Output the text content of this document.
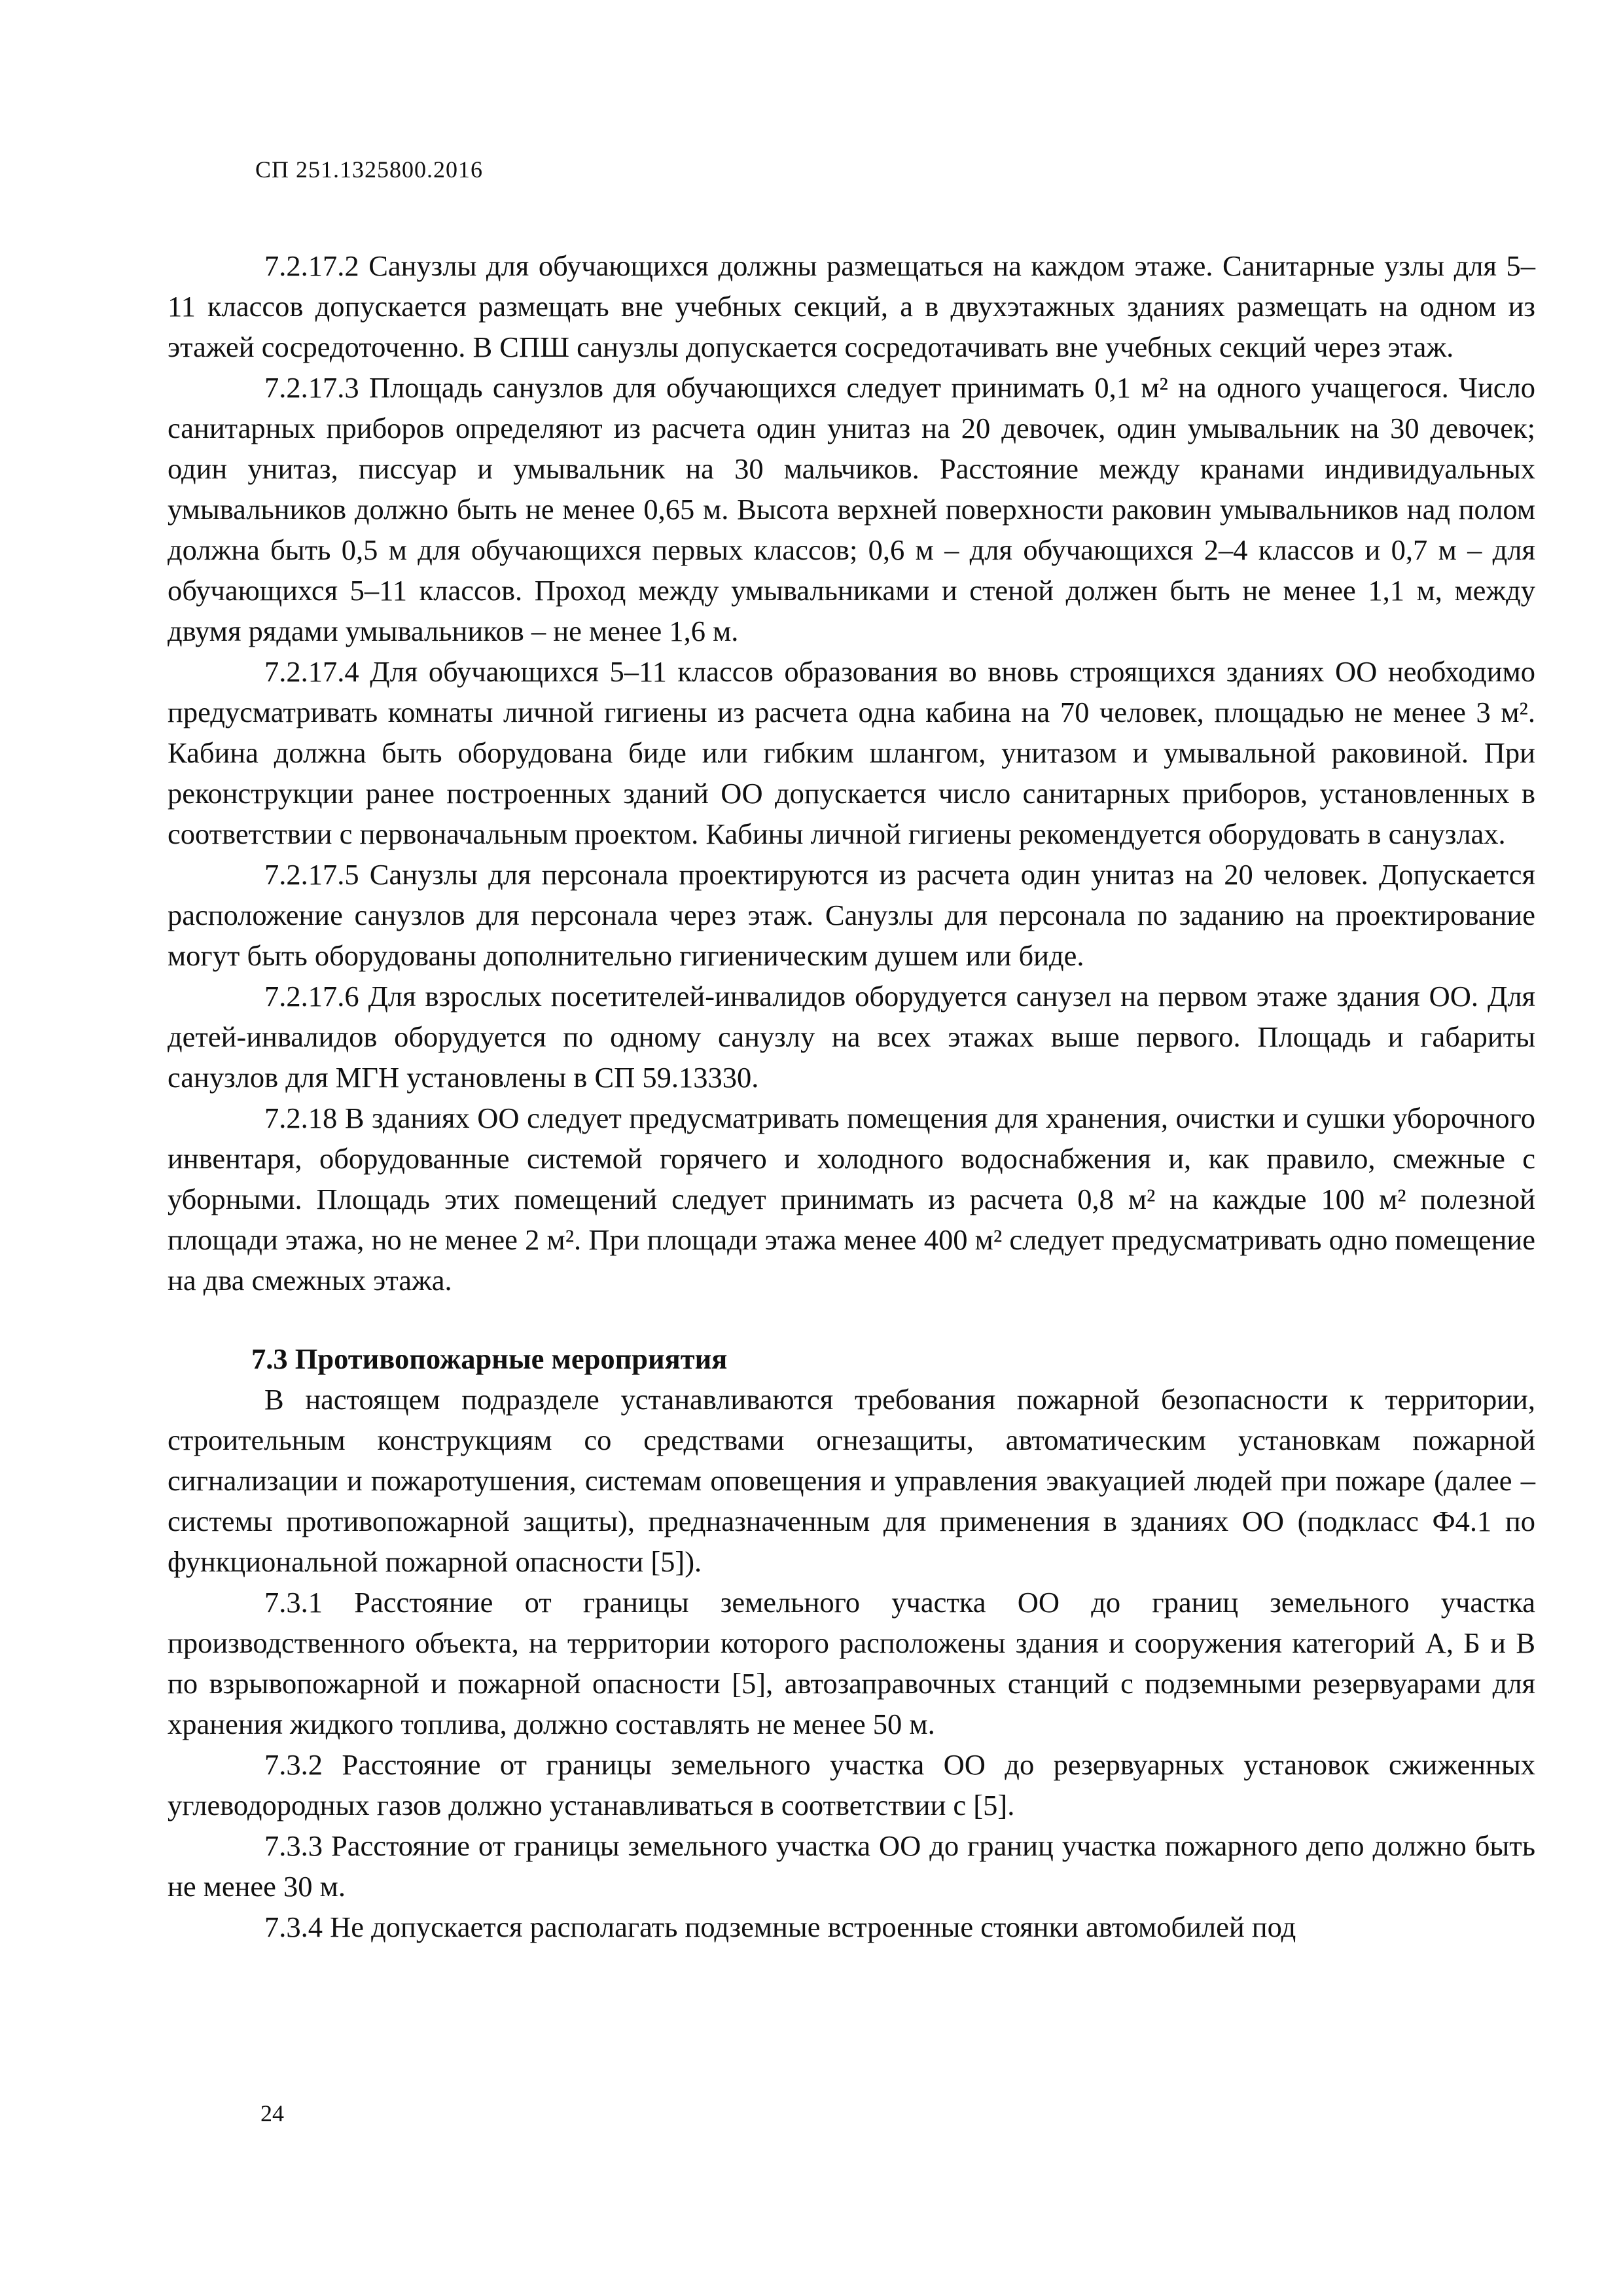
СП 251.1325800.2016

7.2.17.2 Санузлы для обучающихся должны размещаться на каждом этаже. Санитарные узлы для 5–11 классов допускается размещать вне учебных секций, а в двухэтажных зданиях размещать на одном из этажей сосредоточенно. В СПШ санузлы допускается сосредотачивать вне учебных секций через этаж.

7.2.17.3 Площадь санузлов для обучающихся следует принимать 0,1 м² на одного учащегося. Число санитарных приборов определяют из расчета один унитаз на 20 девочек, один умывальник на 30 девочек; один унитаз, писсуар и умывальник на 30 мальчиков. Расстояние между кранами индивидуальных умывальников должно быть не менее 0,65 м. Высота верхней поверхности раковин умывальников над полом должна быть 0,5 м для обучающихся первых классов; 0,6 м – для обучающихся 2–4 классов и 0,7 м – для обучающихся 5–11 классов. Проход между умывальниками и стеной должен быть не менее 1,1 м, между двумя рядами умывальников – не менее 1,6 м.

7.2.17.4 Для обучающихся 5–11 классов образования во вновь строящихся зданиях ОО необходимо предусматривать комнаты личной гигиены из расчета одна кабина на 70 человек, площадью не менее 3 м². Кабина должна быть оборудована биде или гибким шлангом, унитазом и умывальной раковиной. При реконструкции ранее построенных зданий ОО допускается число санитарных приборов, установленных в соответствии с первоначальным проектом. Кабины личной гигиены рекомендуется оборудовать в санузлах.

7.2.17.5 Санузлы для персонала проектируются из расчета один унитаз на 20 человек. Допускается расположение санузлов для персонала через этаж. Санузлы для персонала по заданию на проектирование могут быть оборудованы дополнительно гигиеническим душем или биде.

7.2.17.6 Для взрослых посетителей-инвалидов оборудуется санузел на первом этаже здания ОО. Для детей-инвалидов оборудуется по одному санузлу на всех этажах выше первого. Площадь и габариты санузлов для МГН установлены в СП 59.13330.

7.2.18 В зданиях ОО следует предусматривать помещения для хранения, очистки и сушки уборочного инвентаря, оборудованные системой горячего и холодного водоснабжения и, как правило, смежные с уборными. Площадь этих помещений следует принимать из расчета 0,8 м² на каждые 100 м² полезной площади этажа, но не менее 2 м². При площади этажа менее 400 м² следует предусматривать одно помещение на два смежных этажа.

7.3 Противопожарные мероприятия

В настоящем подразделе устанавливаются требования пожарной безопасности к территории, строительным конструкциям со средствами огнезащиты, автоматическим установкам пожарной сигнализации и пожаротушения, системам оповещения и управления эвакуацией людей при пожаре (далее – системы противопожарной защиты), предназначенным для применения в зданиях ОО (подкласс Ф4.1 по функциональной пожарной опасности [5]).

7.3.1 Расстояние от границы земельного участка ОО до границ земельного участка производственного объекта, на территории которого расположены здания и сооружения категорий А, Б и В по взрывопожарной и пожарной опасности [5], автозаправочных станций с подземными резервуарами для хранения жидкого топлива, должно составлять не менее 50 м.

7.3.2 Расстояние от границы земельного участка ОО до резервуарных установок сжиженных углеводородных газов должно устанавливаться в соответствии с [5].

7.3.3 Расстояние от границы земельного участка ОО до границ участка пожарного депо должно быть не менее 30 м.

7.3.4 Не допускается располагать подземные встроенные стоянки автомобилей под

24
